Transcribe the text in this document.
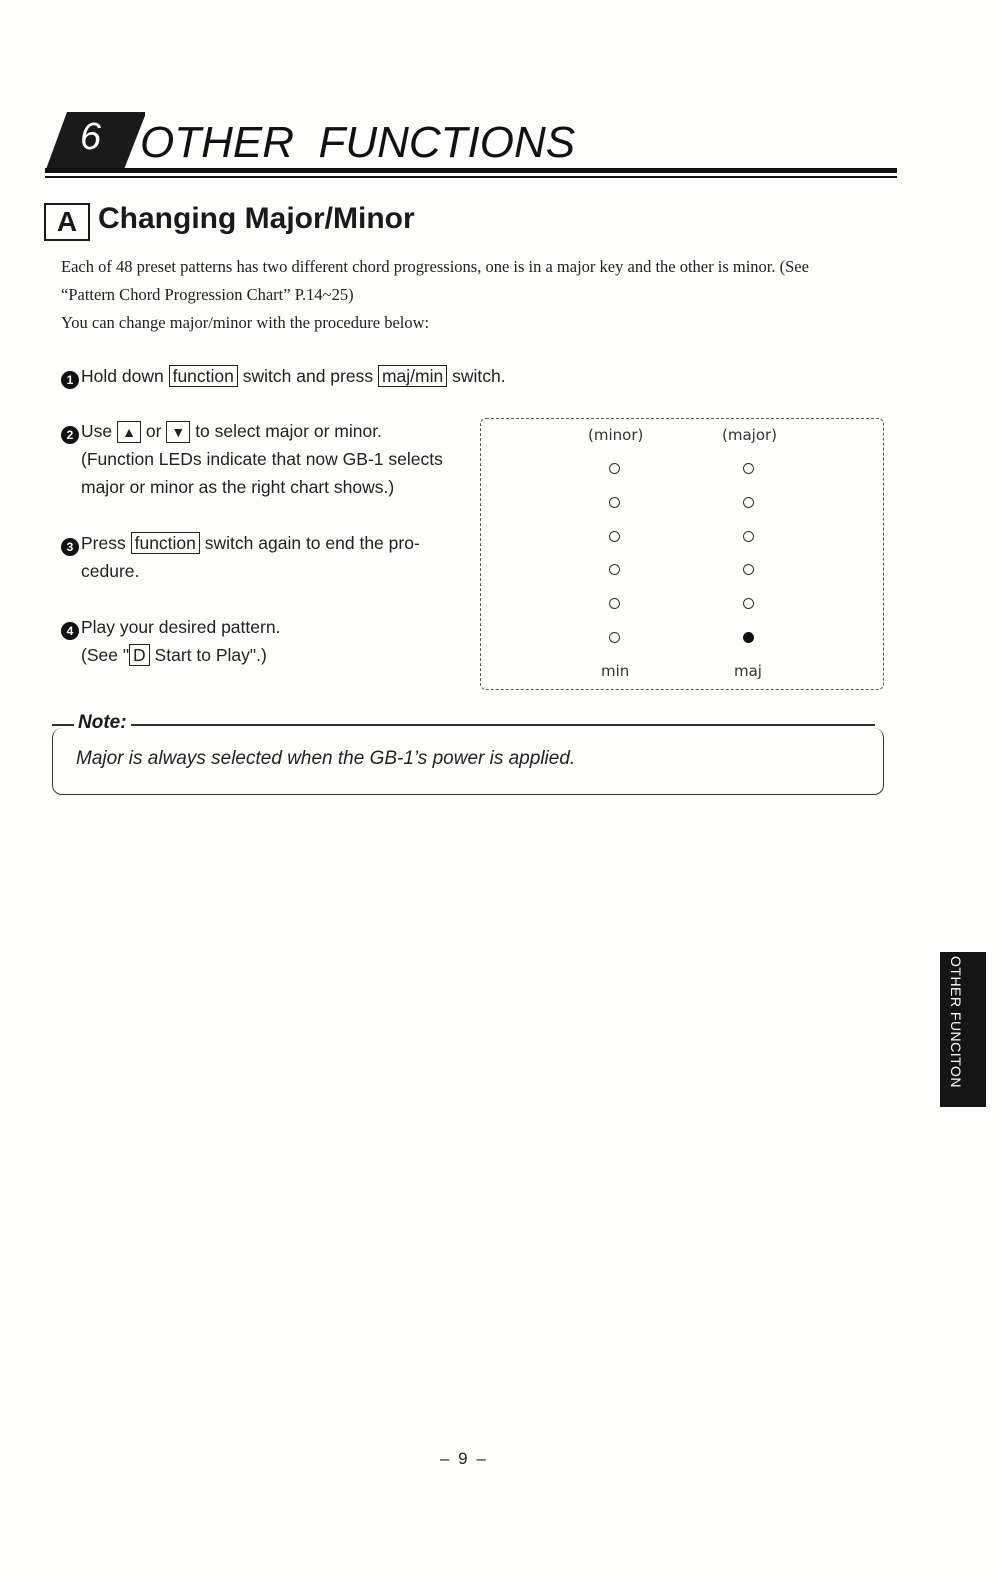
6 OTHER  FUNCTIONS
A Changing Major/Minor

Each of 48 preset patterns has two different chord progressions, one is in a major key and the other is minor. (See

“Pattern Chord Progression Chart” P.14~25)

You can change major/minor with the procedure below:

1 Hold down function switch and press maj/min switch.
2 Use ▲ or ▼ to select major or minor.
(Function LEDs indicate that now GB-1 selects
major or minor as the right chart shows.)
3 Press function switch again to end the pro-
cedure.
4 Play your desired pattern.
(See " D Start to Play".)
(minor)	(major)
min	maj
Note:
Major is always selected when the GB-1’s power is applied.
OTHER FUNCITON
– 9 –
